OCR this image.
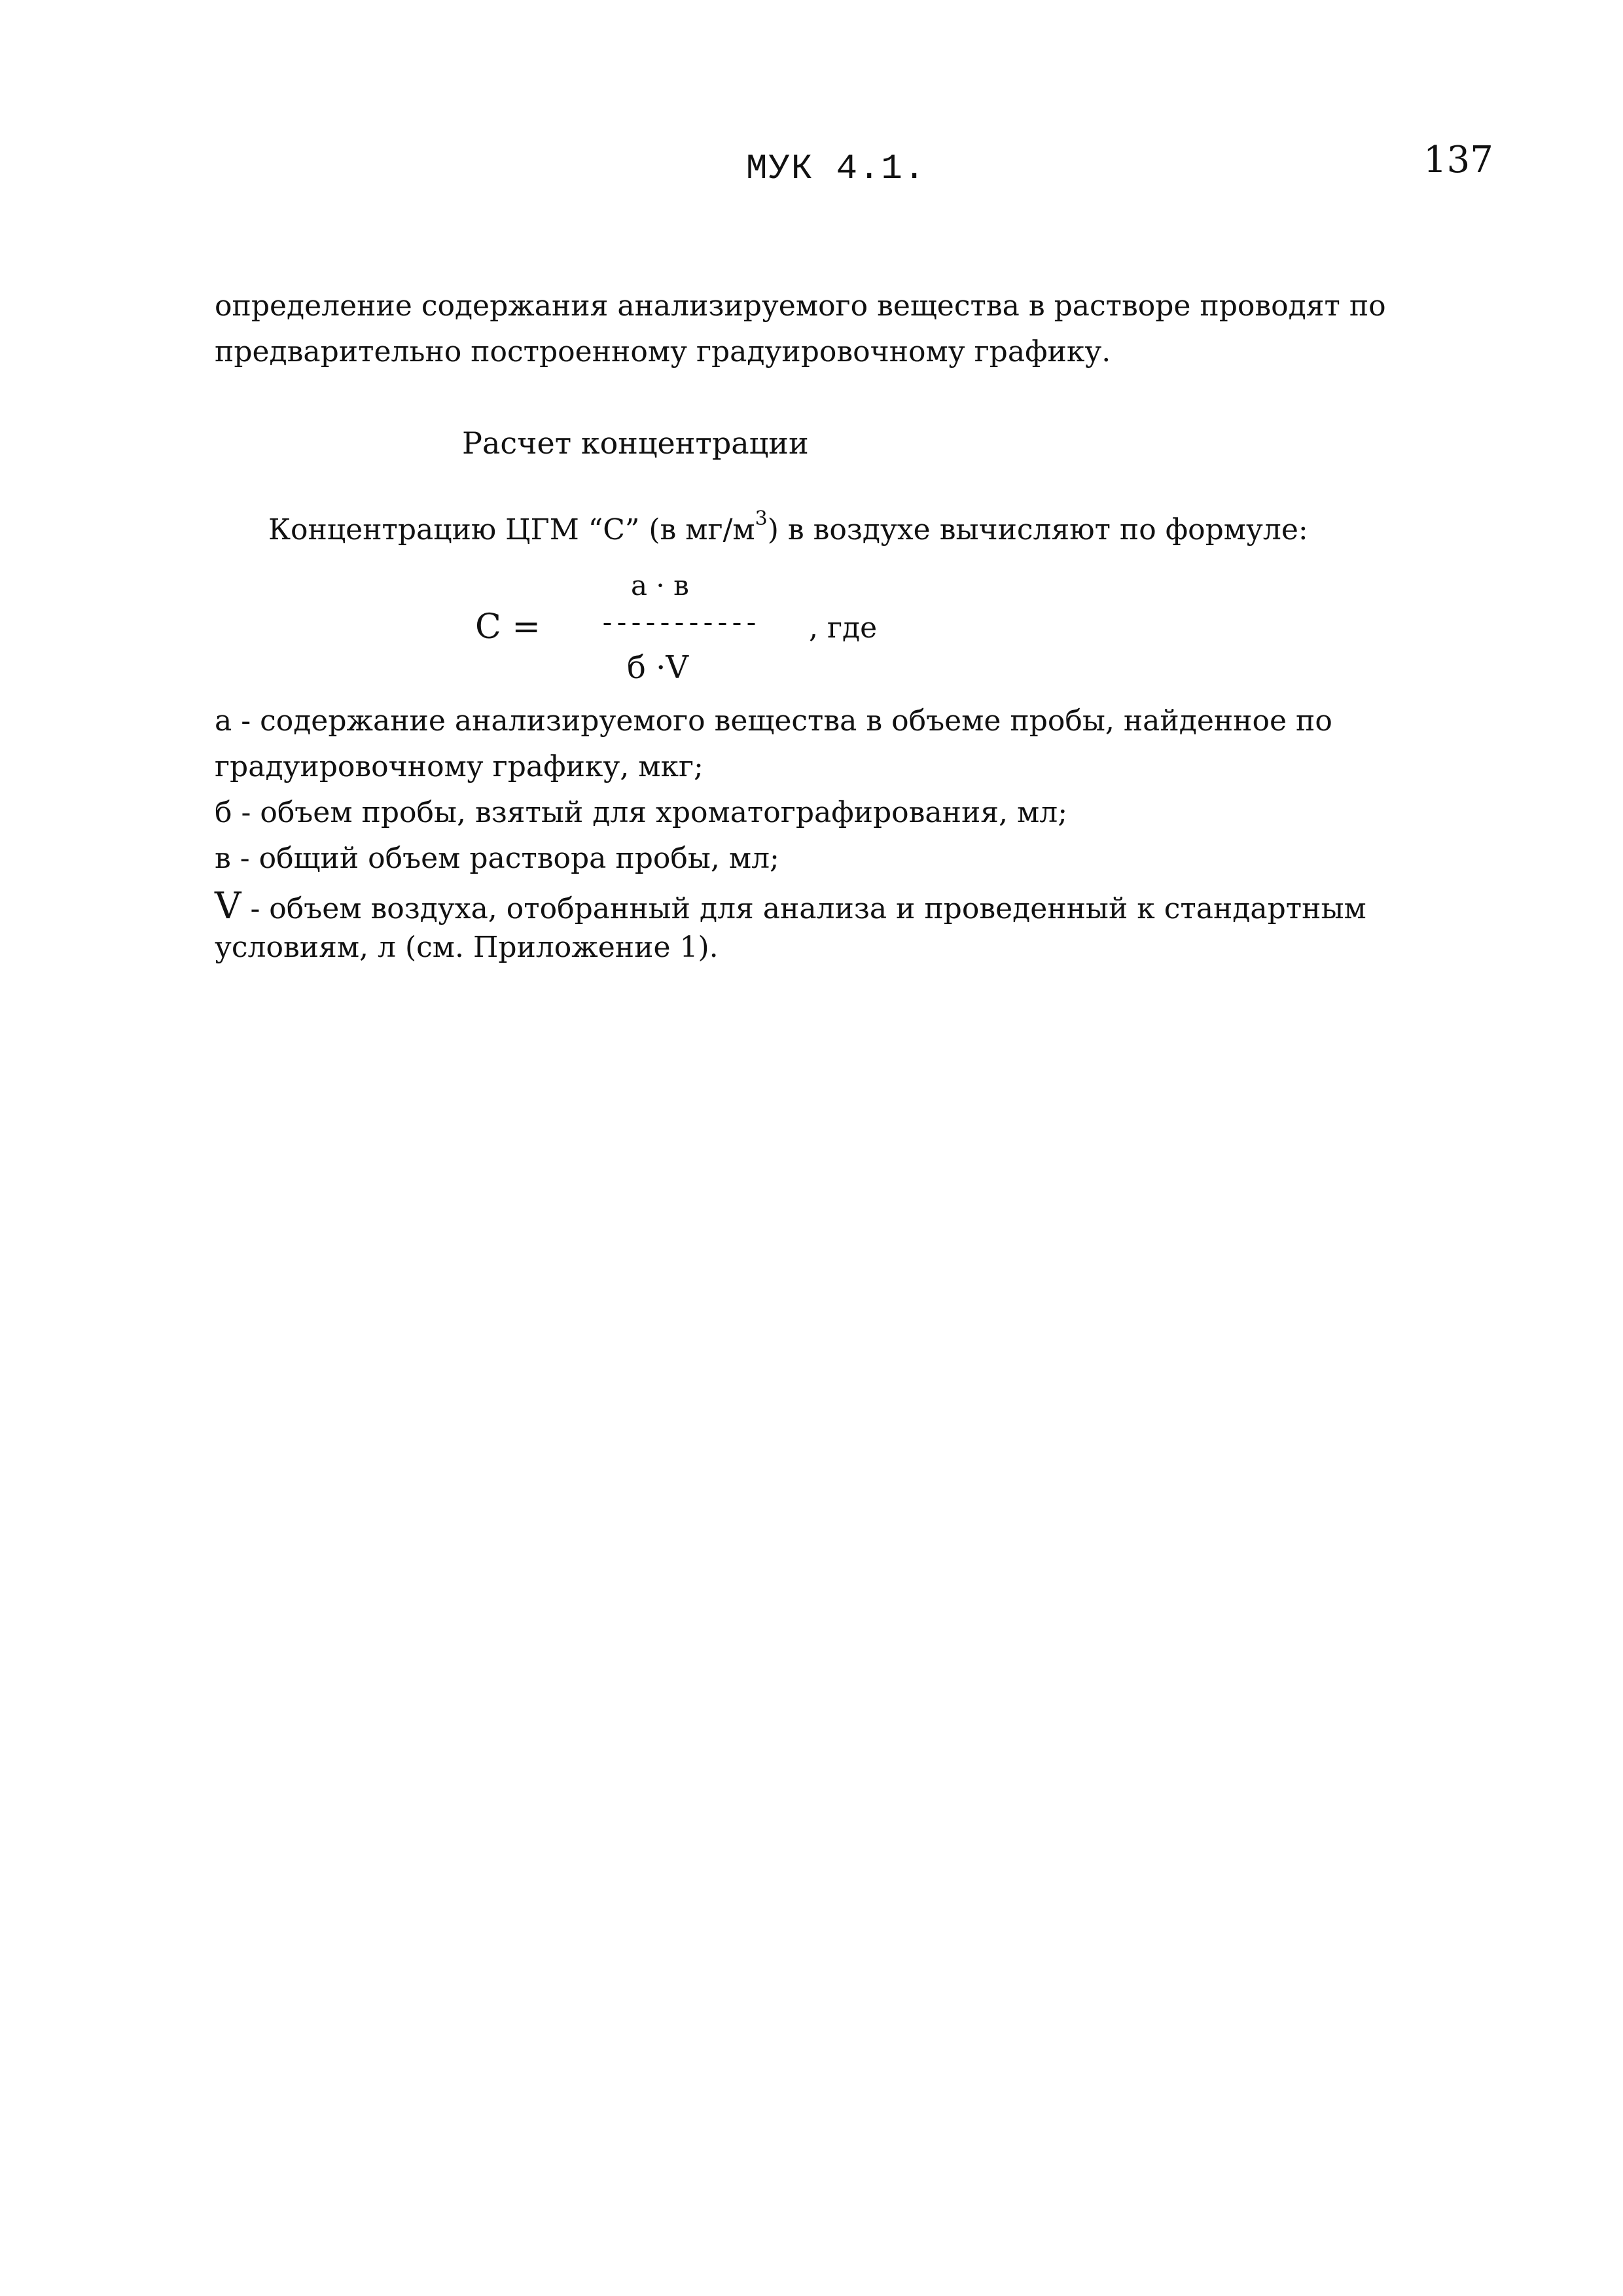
МУК 4.1.	137
определение содержания анализируемого вещества в растворе проводят по
предварительно построенному градуировочному графику.
Расчет концентрации
Концентрацию ЦГМ “С” (в $мг/м^3$) в воздухе вычисляют по формуле:
а · в
С = ----------- , где
б ·V
а - содержание анализируемого вещества в объеме пробы, найденное по
градуировочному графику, мкг;
б - объем пробы, взятый для хроматографирования, мл;
в - общий объем раствора пробы, мл;
V - объем воздуха, отобранный для анализа и проведенный к стандартным
условиям, л (см. Приложение 1).
